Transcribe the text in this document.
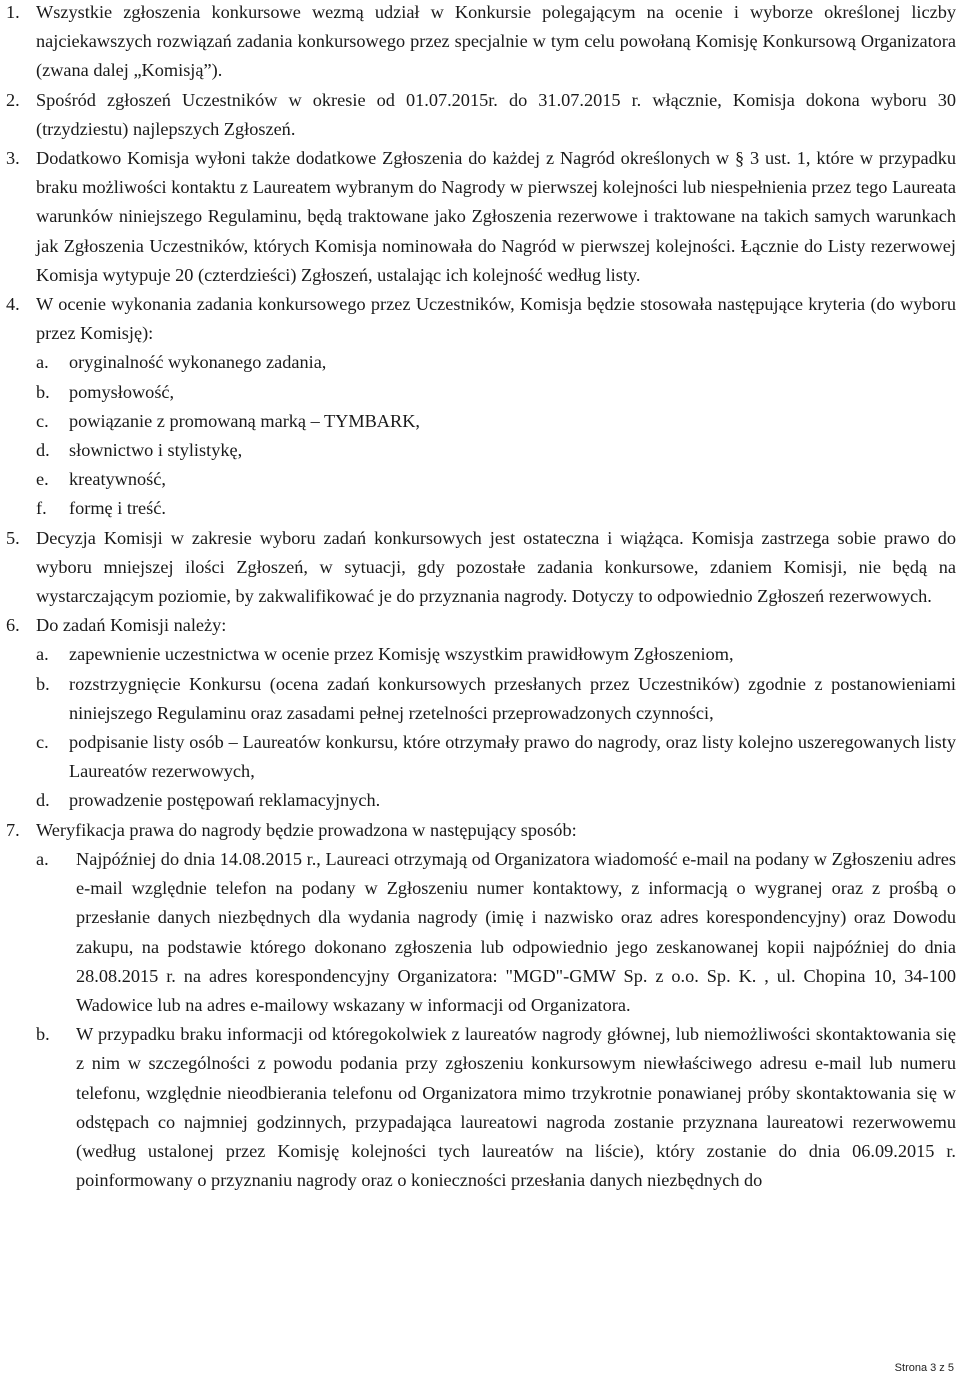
1. Wszystkie zgłoszenia konkursowe wezmą udział w Konkursie polegającym na ocenie i wyborze określonej liczby najciekawszych rozwiązań zadania konkursowego przez specjalnie w tym celu powołaną Komisję Konkursową Organizatora (zwana dalej „Komisją”).
2. Spośród zgłoszeń Uczestników w okresie od 01.07.2015r. do 31.07.2015 r. włącznie, Komisja dokona wyboru 30 (trzydziestu) najlepszych Zgłoszeń.
3. Dodatkowo Komisja wyłoni także dodatkowe Zgłoszenia do każdej z Nagród określonych w § 3 ust. 1, które w przypadku braku możliwości kontaktu z Laureatem wybranym do Nagrody w pierwszej kolejności lub niespełnienia przez tego Laureata warunków niniejszego Regulaminu, będą traktowane jako Zgłoszenia rezerwowe i traktowane na takich samych warunkach jak Zgłoszenia Uczestników, których Komisja nominowała do Nagród w pierwszej kolejności. Łącznie do Listy rezerwowej Komisja wytypuje 20 (czterdzieści) Zgłoszeń, ustalając ich kolejność według listy.
4. W ocenie wykonania zadania konkursowego przez Uczestników, Komisja będzie stosowała następujące kryteria (do wyboru przez Komisję):
a. oryginalność wykonanego zadania,
b. pomysłowość,
c. powiązanie z promowaną marką – TYMBARK,
d. słownictwo i stylistykę,
e. kreatywność,
f. formę i treść.
5. Decyzja Komisji w zakresie wyboru zadań konkursowych jest ostateczna i wiążąca. Komisja zastrzega sobie prawo do wyboru mniejszej ilości Zgłoszeń, w sytuacji, gdy pozostałe zadania konkursowe, zdaniem Komisji, nie będą na wystarczającym poziomie, by zakwalifikować je do przyznania nagrody. Dotyczy to odpowiednio Zgłoszeń rezerwowych.
6. Do zadań Komisji należy:
a. zapewnienie uczestnictwa w ocenie przez Komisję wszystkim prawidłowym Zgłoszeniom,
b. rozstrzygnięcie Konkursu (ocena zadań konkursowych przesłanych przez Uczestników) zgodnie z postanowieniami niniejszego Regulaminu oraz zasadami pełnej rzetelności przeprowadzonych czynności,
c. podpisanie listy osób – Laureatów konkursu, które otrzymały prawo do nagrody, oraz listy kolejno uszeregowanych listy Laureatów rezerwowych,
d. prowadzenie postępowań reklamacyjnych.
7. Weryfikacja prawa do nagrody będzie prowadzona w następujący sposób:
a. Najpóźniej do dnia 14.08.2015 r., Laureaci otrzymają od Organizatora wiadomość e-mail na podany w Zgłoszeniu adres e-mail względnie telefon na podany w Zgłoszeniu numer kontaktowy, z informacją o wygranej oraz z prośbą o przesłanie danych niezbędnych dla wydania nagrody (imię i nazwisko oraz adres korespondencyjny) oraz Dowodu zakupu, na podstawie którego dokonano zgłoszenia lub odpowiednio jego zeskanowanej kopii najpóźniej do dnia 28.08.2015 r. na adres korespondencyjny Organizatora: "MGD"-GMW Sp. z o.o. Sp. K. , ul. Chopina 10, 34-100 Wadowice lub na adres e-mailowy wskazany w informacji od Organizatora.
b. W przypadku braku informacji od któregokolwiek z laureatów nagrody głównej, lub niemożliwości skontaktowania się z nim w szczególności z powodu podania przy zgłoszeniu konkursowym niewłaściwego adresu e-mail lub numeru telefonu, względnie nieodbierania telefonu od Organizatora mimo trzykrotnie ponawianej próby skontaktowania się w odstępach co najmniej godzinnych, przypadająca laureatowi nagroda zostanie przyznana laureatowi rezerwowemu (według ustalonej przez Komisję kolejności tych laureatów na liście), który zostanie do dnia 06.09.2015 r. poinformowany o przyznaniu nagrody oraz o konieczności przesłania danych niezbędnych do
Strona 3 z 5
